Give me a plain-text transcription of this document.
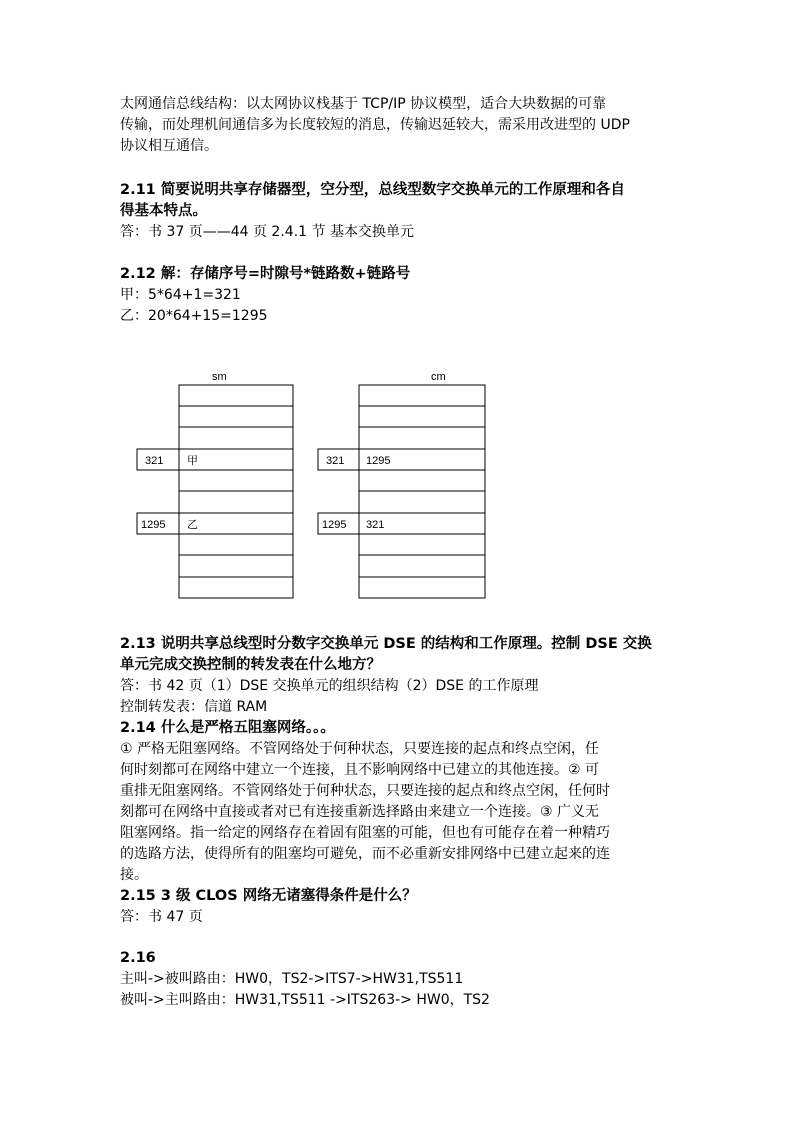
太网通信总线结构：以太网协议栈基于 TCP/IP 协议模型，适合大块数据的可靠
传输，而处理机间通信多为长度较短的消息，传输迟延较大，需采用改进型的 UDP
协议相互通信。
2.11 简要说明共享存储器型，空分型，总线型数字交换单元的工作原理和各自
得基本特点。
答：书 37 页——44 页 2.4.1 节 基本交换单元
2.12 解：存储序号=时隙号*链路数+链路号
甲：5*64+1=321
乙：20*64+15=1295
sm
321 甲
1295 乙
cm
321 1295
1295 321
2.13 说明共享总线型时分数字交换单元 DSE 的结构和工作原理。控制 DSE 交换
单元完成交换控制的转发表在什么地方？
答：书 42 页（1）DSE 交换单元的组织结构（2）DSE 的工作原理
控制转发表：信道 RAM
2.14 什么是严格五阻塞网络。。。
① 严格无阻塞网络。不管网络处于何种状态，只要连接的起点和终点空闲，任
何时刻都可在网络中建立一个连接，且不影响网络中已建立的其他连接。② 可
重排无阻塞网络。不管网络处于何种状态，只要连接的起点和终点空闲，任何时
刻都可在网络中直接或者对已有连接重新选择路由来建立一个连接。③ 广义无
阻塞网络。指一给定的网络存在着固有阻塞的可能，但也有可能存在着一种精巧
的选路方法，使得所有的阻塞均可避免，而不必重新安排网络中已建立起来的连
接。
2.15 3 级 CLOS 网络无诸塞得条件是什么？
答：书 47 页
2.16
主叫->被叫路由：HW0，TS2->ITS7->HW31,TS511
被叫->主叫路由：HW31,TS511 ->ITS263-> HW0，TS2
